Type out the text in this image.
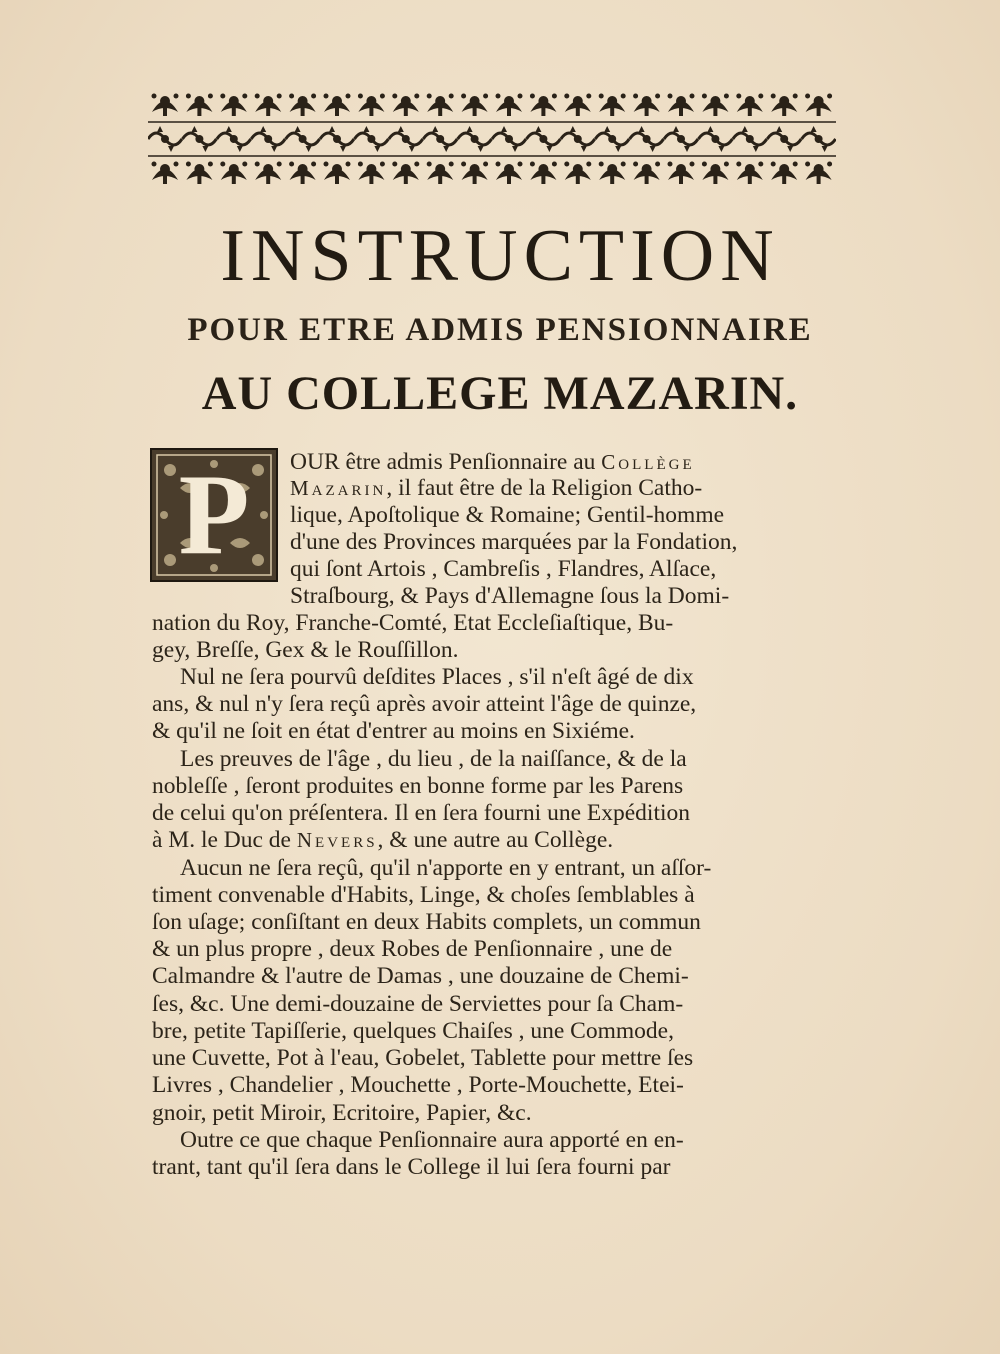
INSTRUCTION
POUR ETRE ADMIS PENSIONNAIRE
AU COLLEGE MAZARIN.
P	OUR être admis Penſionnaire au Collège
Mazarin, il faut être de la Religion Catho-
lique, Apoſtolique & Romaine; Gentil-homme
d'une des Provinces marquées par la Fondation,
qui ſont Artois , Cambreſis , Flandres, Alſace,
Straſbourg, & Pays d'Allemagne ſous la Domi-
nation du Roy, Franche-Comté, Etat Eccleſiaſtique, Bu-
gey, Breſſe, Gex & le Rouſſillon.
Nul ne ſera pourvû deſdites Places , s'il n'eſt âgé de dix
ans, & nul n'y ſera reçû après avoir atteint l'âge de quinze,
& qu'il ne ſoit en état d'entrer au moins en Sixiéme.
Les preuves de l'âge , du lieu , de la naiſſance, & de la
nobleſſe , ſeront produites en bonne forme par les Parens
de celui qu'on préſentera. Il en ſera fourni une Expédition
à M. le Duc de Nevers, & une autre au Collège.
Aucun ne ſera reçû, qu'il n'apporte en y entrant, un aſſor-
timent convenable d'Habits, Linge, & choſes ſemblables à
ſon uſage; conſiſtant en deux Habits complets, un commun
& un plus propre , deux Robes de Penſionnaire , une de
Calmandre & l'autre de Damas , une douzaine de Chemi-
ſes, &c. Une demi-douzaine de Serviettes pour ſa Cham-
bre, petite Tapiſſerie, quelques Chaiſes , une Commode,
une Cuvette, Pot à l'eau, Gobelet, Tablette pour mettre ſes
Livres , Chandelier , Mouchette , Porte-Mouchette, Etei-
gnoir, petit Miroir, Ecritoire, Papier, &c.
Outre ce que chaque Penſionnaire aura apporté en en-
trant, tant qu'il ſera dans le College il lui ſera fourni par
